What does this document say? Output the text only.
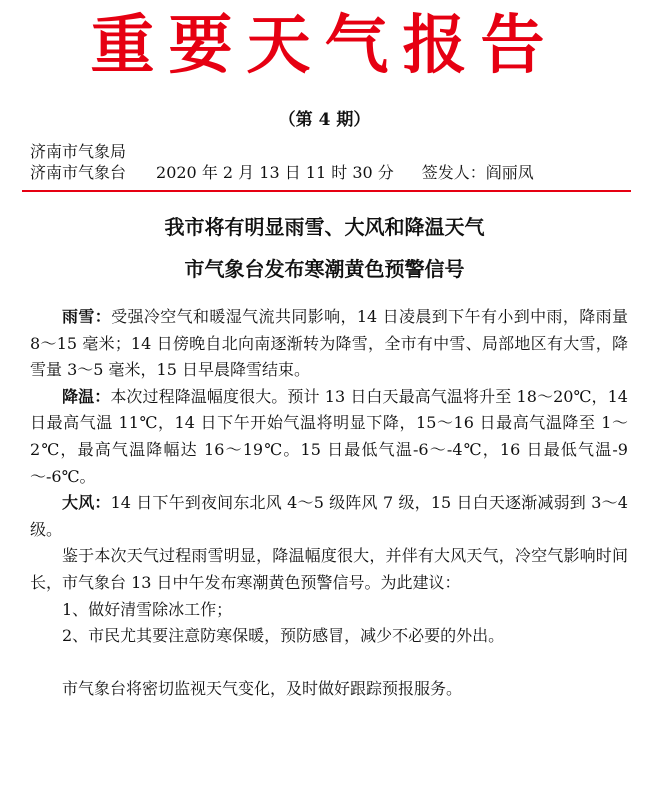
重要天气报告
（第 4 期）
济南市气象局
济南市气象台 2020 年 2 月 13 日 11 时 30 分 签发人：阎丽凤
我市将有明显雨雪、大风和降温天气
市气象台发布寒潮黄色预警信号

雨雪：受强冷空气和暖湿气流共同影响，14 日凌晨到下午有小到中雨，降雨量 8～15 毫米；14 日傍晚自北向南逐渐转为降雪，全市有中雪、局部地区有大雪，降雪量 3～5 毫米，15 日早晨降雪结束。

降温：本次过程降温幅度很大。预计 13 日白天最高气温将升至 18～20℃，14 日最高气温 11℃，14 日下午开始气温将明显下降，15～16 日最高气温降至 1～2℃，最高气温降幅达 16～19℃。15 日最低气温-6～-4℃，16 日最低气温-9～-6℃。

大风：14 日下午到夜间东北风 4～5 级阵风 7 级，15 日白天逐渐减弱到 3～4 级。

鉴于本次天气过程雨雪明显，降温幅度很大，并伴有大风天气，冷空气影响时间长，市气象台 13 日中午发布寒潮黄色预警信号。为此建议：

1、做好清雪除冰工作；

2、市民尤其要注意防寒保暖，预防感冒，减少不必要的外出。

市气象台将密切监视天气变化，及时做好跟踪预报服务。
